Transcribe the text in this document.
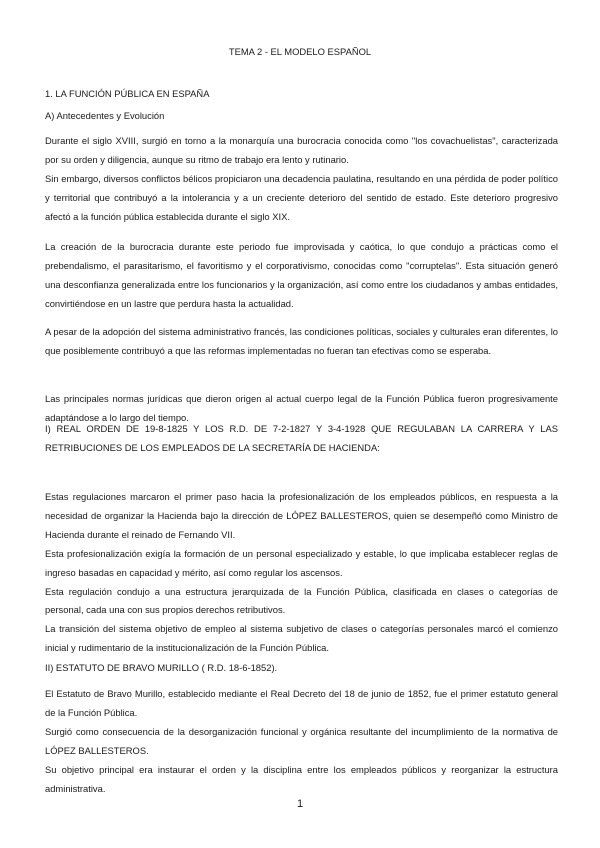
TEMA 2 - EL MODELO ESPAÑOL

1. LA FUNCIÓN PÚBLICA EN ESPAÑA

A) Antecedentes y Evolución

Durante el siglo XVIII, surgió en torno a la monarquía una burocracia conocida como "los covachuelistas", caracterizada por su orden y diligencia, aunque su ritmo de trabajo era lento y rutinario.
Sin embargo, diversos conflictos bélicos propiciaron una decadencia paulatina, resultando en una pérdida de poder político y territorial que contribuyó a la intolerancia y a un creciente deterioro del sentido de estado. Este deterioro progresivo afectó a la función pública establecida durante el siglo XIX.

La creación de la burocracia durante este periodo fue improvisada y caótica, lo que condujo a prácticas como el prebendalismo, el parasitarismo, el favoritismo y el corporativismo, conocidas como "corruptelas". Esta situación generó una desconfianza generalizada entre los funcionarios y la organización, así como entre los ciudadanos y ambas entidades, convirtiéndose en un lastre que perdura hasta la actualidad.

A pesar de la adopción del sistema administrativo francés, las condiciones políticas, sociales y culturales eran diferentes, lo que posiblemente contribuyó a que las reformas implementadas no fueran tan efectivas como se esperaba.

Las principales normas jurídicas que dieron origen al actual cuerpo legal de la Función Pública fueron progresivamente adaptándose a lo largo del tiempo.

I) REAL ORDEN DE 19-8-1825 Y LOS R.D. DE 7-2-1827 Y 3-4-1928 QUE REGULABAN LA CARRERA Y LAS RETRIBUCIONES DE LOS EMPLEADOS DE LA SECRETARÍA DE HACIENDA:

Estas regulaciones marcaron el primer paso hacia la profesionalización de los empleados públicos, en respuesta a la necesidad de organizar la Hacienda bajo la dirección de LÓPEZ BALLESTEROS, quien se desempeñó como Ministro de Hacienda durante el reinado de Fernando VII.
Esta profesionalización exigía la formación de un personal especializado y estable, lo que implicaba establecer reglas de ingreso basadas en capacidad y mérito, así como regular los ascensos.
Esta regulación condujo a una estructura jerarquizada de la Función Pública, clasificada en clases o categorías de personal, cada una con sus propios derechos retributivos.
La transición del sistema objetivo de empleo al sistema subjetivo de clases o categorías personales marcó el comienzo inicial y rudimentario de la institucionalización de la Función Pública.

II) ESTATUTO DE BRAVO MURILLO ( R.D. 18-6-1852).

El Estatuto de Bravo Murillo, establecido mediante el Real Decreto del 18 de junio de 1852, fue el primer estatuto general de la Función Pública.
Surgió como consecuencia de la desorganización funcional y orgánica resultante del incumplimiento de la normativa de LÓPEZ BALLESTEROS.
Su objetivo principal era instaurar el orden y la disciplina entre los empleados públicos y reorganizar la estructura administrativa.

1
